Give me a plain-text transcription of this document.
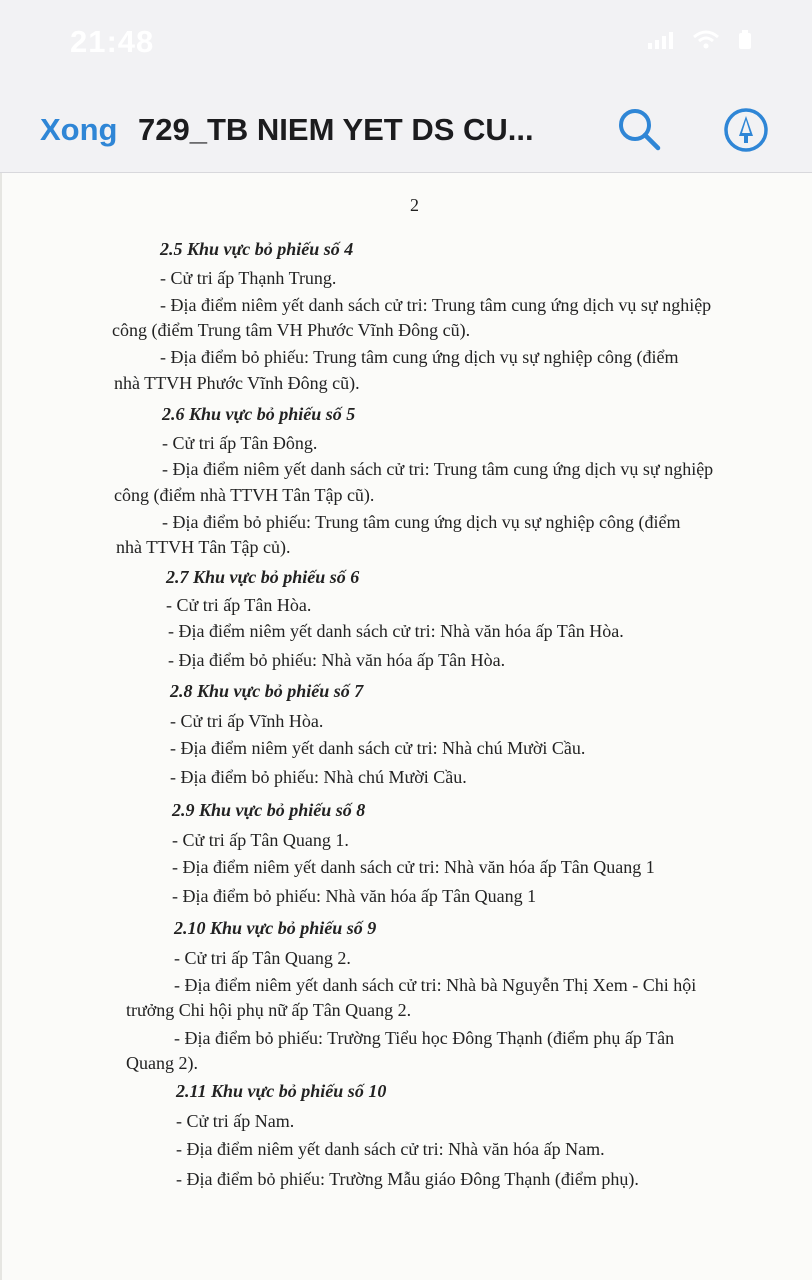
21:48
Xong 729_TB NIEM YET DS CU...
2
2.5 Khu vực bỏ phiếu số 4
- Cử tri ấp Thạnh Trung.
- Địa điểm niêm yết danh sách cử tri: Trung tâm cung ứng dịch vụ sự nghiệp
công (điểm Trung tâm VH Phước Vĩnh Đông cũ).
- Địa điểm bỏ phiếu: Trung tâm cung ứng dịch vụ sự nghiệp công (điểm
nhà TTVH Phước Vĩnh Đông cũ).
2.6 Khu vực bỏ phiếu số 5
- Cử tri ấp Tân Đông.
- Địa điểm niêm yết danh sách cử tri: Trung tâm cung ứng dịch vụ sự nghiệp
công (điểm nhà TTVH Tân Tập cũ).
- Địa điểm bỏ phiếu: Trung tâm cung ứng dịch vụ sự nghiệp công (điểm
nhà TTVH Tân Tập củ).
2.7 Khu vực bỏ phiếu số 6
- Cử tri ấp Tân Hòa.
- Địa điểm niêm yết danh sách cử tri: Nhà văn hóa ấp Tân Hòa.
- Địa điểm bỏ phiếu: Nhà văn hóa ấp Tân Hòa.
2.8 Khu vực bỏ phiếu số 7
- Cử tri ấp Vĩnh Hòa.
- Địa điểm niêm yết danh sách cử tri: Nhà chú Mười Cầu.
- Địa điểm bỏ phiếu: Nhà chú Mười Cầu.
2.9 Khu vực bỏ phiếu số 8
- Cử tri ấp Tân Quang 1.
- Địa điểm niêm yết danh sách cử tri: Nhà văn hóa ấp Tân Quang 1
- Địa điểm bỏ phiếu: Nhà văn hóa ấp Tân Quang 1
2.10 Khu vực bỏ phiếu số 9
- Cử tri ấp Tân Quang 2.
- Địa điểm niêm yết danh sách cử tri: Nhà bà Nguyễn Thị Xem - Chi hội
trưởng Chi hội phụ nữ ấp Tân Quang 2.
- Địa điểm bỏ phiếu: Trường Tiểu học Đông Thạnh (điểm phụ ấp Tân
Quang 2).
2.11 Khu vực bỏ phiếu số 10
- Cử tri ấp Nam.
- Địa điểm niêm yết danh sách cử tri: Nhà văn hóa ấp Nam.
- Địa điểm bỏ phiếu: Trường Mẫu giáo Đông Thạnh (điểm phụ).
